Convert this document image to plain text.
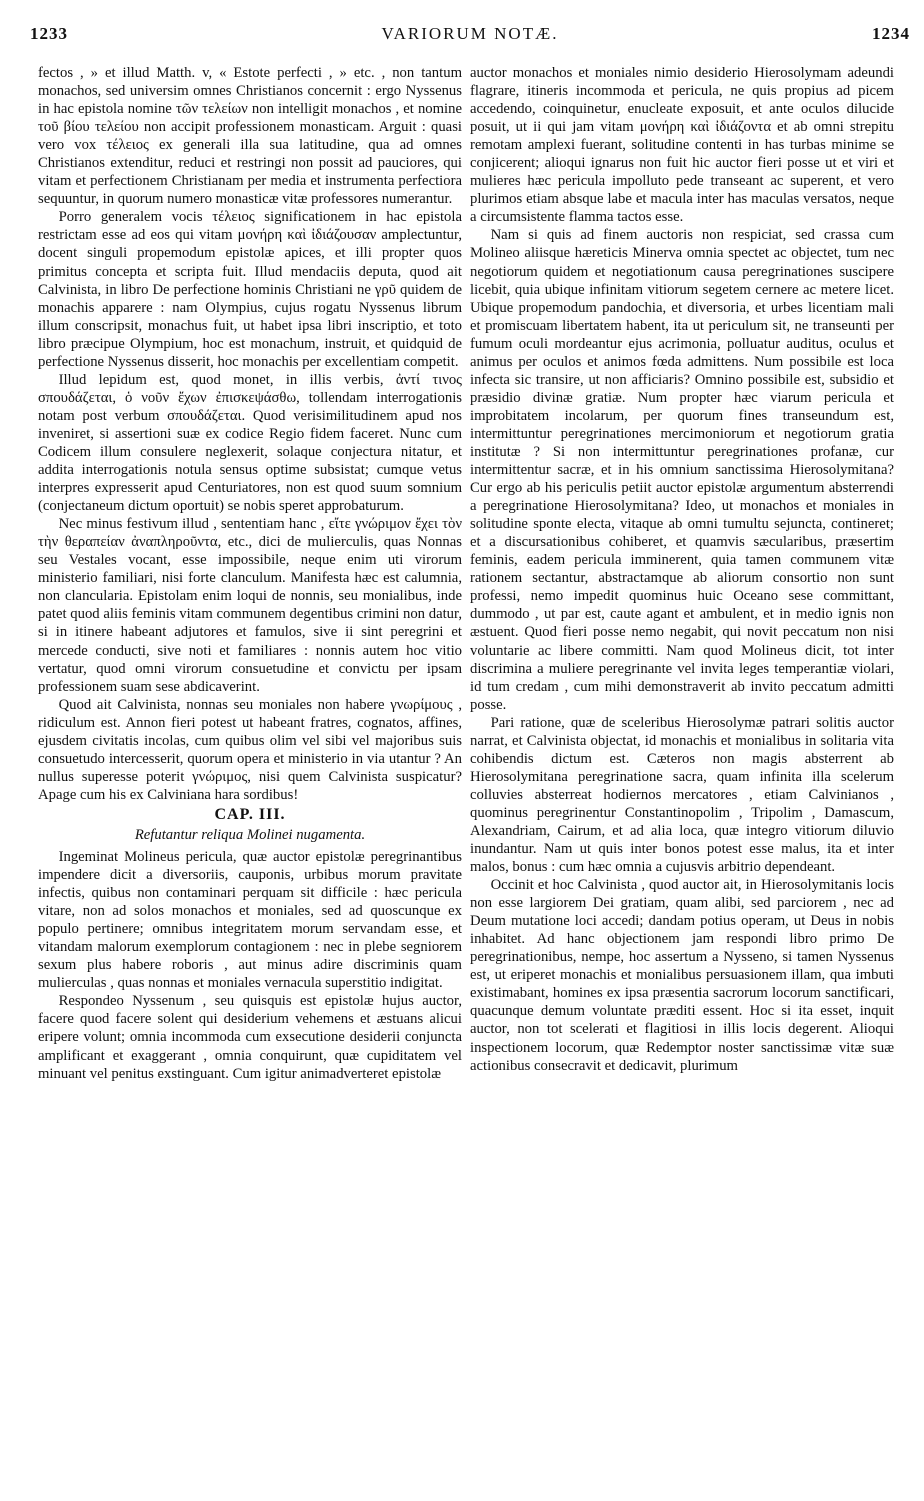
1233	VARIORUM NOTÆ.	1234

fectos , » et illud Matth. v, « Estote perfecti , » etc. , non tantum monachos, sed universim omnes Christianos concernit : ergo Nyssenus in hac epistola nomine τῶν τελείων non intelligit monachos , et nomine τοῦ βίου τελείου non accipit professionem monasticam. Arguit : quasi vero vox τέλειος ex generali illa sua latitudine, qua ad omnes Christianos extenditur, reduci et restringi non possit ad pauciores, qui vitam et perfectionem Christianam per media et instrumenta perfectiora sequuntur, in quorum numero monasticæ vitæ professores numerantur.

Porro generalem vocis τέλειος significationem in hac epistola restrictam esse ad eos qui vitam μονήρη καὶ ἰδιάζουσαν amplectuntur, docent singuli propemodum epistolæ apices, et illi propter quos primitus concepta et scripta fuit. Illud mendaciis deputa, quod ait Calvinista, in libro De perfectione hominis Christiani ne γρῦ quidem de monachis apparere : nam Olympius, cujus rogatu Nyssenus librum illum conscripsit, monachus fuit, ut habet ipsa libri inscriptio, et toto libro præcipue Olympium, hoc est monachum, instruit, et quidquid de perfectione Nyssenus disserit, hoc monachis per excellentiam competit.

Illud lepidum est, quod monet, in illis verbis, ἀντί τινος σπουδάζεται, ὁ νοῦν ἔχων ἐπισκεψάσθω, tollendam interrogationis notam post verbum σπουδάζεται. Quod verisimilitudinem apud nos inveniret, si assertioni suæ ex codice Regio fidem faceret. Nunc cum Codicem illum consulere neglexerit, solaque conjectura nitatur, et addita interrogationis notula sensus optime subsistat; cumque vetus interpres expresserit apud Centuriatores, non est quod suum somnium (conjectaneum dictum oportuit) se nobis speret approbaturum.

Nec minus festivum illud , sententiam hanc , εἴτε γνώριμον ἔχει τὸν τὴν θεραπείαν ἀναπληροῦντα, etc., dici de mulierculis, quas Nonnas seu Vestales vocant, esse impossibile, neque enim uti virorum ministerio familiari, nisi forte clanculum. Manifesta hæc est calumnia, non clancularia. Epistolam enim loqui de nonnis, seu monialibus, inde patet quod aliis feminis vitam communem degentibus crimini non datur, si in itinere habeant adjutores et famulos, sive ii sint peregrini et mercede conducti, sive noti et familiares : nonnis autem hoc vitio vertatur, quod omni virorum consuetudine et convictu per ipsam professionem suam sese abdicaverint.

Quod ait Calvinista, nonnas seu moniales non habere γνωρίμους , ridiculum est. Annon fieri potest ut habeant fratres, cognatos, affines, ejusdem civitatis incolas, cum quibus olim vel sibi vel majoribus suis consuetudo intercesserit, quorum opera et ministerio in via utantur ? An nullus superesse poterit γνώριμος, nisi quem Calvinista suspicatur? Apage cum his ex Calviniana hara sordibus!

CAP. III.
Refutantur reliqua Molinei nugamenta.

Ingeminat Molineus pericula, quæ auctor epistolæ peregrinantibus impendere dicit a diversoriis, cauponis, urbibus morum pravitate infectis, quibus non contaminari perquam sit difficile : hæc pericula vitare, non ad solos monachos et moniales, sed ad quoscunque ex populo pertinere; omnibus integritatem morum servandam esse, et vitandam malorum exemplorum contagionem : nec in plebe segniorem sexum plus habere roboris , aut minus adire discriminis quam mulierculas , quas nonnas et moniales vernacula superstitio indigitat.

Respondeo Nyssenum , seu quisquis est epistolæ hujus auctor, facere quod facere solent qui desiderium vehemens et æstuans alicui eripere volunt; omnia incommoda cum exsecutione desiderii conjuncta amplificant et exaggerant , omnia conquirunt, quæ cupiditatem vel minuant vel penitus exstinguant. Cum igitur animadverteret epistolæ

auctor monachos et moniales nimio desiderio Hierosolymam adeundi flagrare, itineris incommoda et pericula, ne quis propius ad picem accedendo, coinquinetur, enucleate exposuit, et ante oculos dilucide posuit, ut ii qui jam vitam μονήρη καὶ ἰδιάζοντα et ab omni strepitu remotam amplexi fuerant, solitudine contenti in has turbas minime se conjicerent; alioqui ignarus non fuit hic auctor fieri posse ut et viri et mulieres hæc pericula impolluto pede transeant ac superent, et vero plurimos etiam absque labe et macula inter has maculas versatos, neque a circumsistente flamma tactos esse.

Nam si quis ad finem auctoris non respiciat, sed crassa cum Molineo aliisque hæreticis Minerva omnia spectet ac objectet, tum nec negotiorum quidem et negotiationum causa peregrinationes suscipere licebit, quia ubique infinitam vitiorum segetem cernere ac metere licet. Ubique propemodum pandochia, et diversoria, et urbes licentiam mali et promiscuam libertatem habent, ita ut periculum sit, ne transeunti per fumum oculi mordeantur ejus acrimonia, polluatur auditus, oculus et animus per oculos et animos fœda admittens. Num possibile est loca infecta sic transire, ut non afficiaris? Omnino possibile est, subsidio et præsidio divinæ gratiæ. Num propter hæc viarum pericula et improbitatem incolarum, per quorum fines transeundum est, intermittuntur peregrinationes mercimoniorum et negotiorum gratia institutæ ? Si non intermittuntur peregrinationes profanæ, cur intermittentur sacræ, et in his omnium sanctissima Hierosolymitana? Cur ergo ab his periculis petiit auctor epistolæ argumentum absterrendi a peregrinatione Hierosolymitana? Ideo, ut monachos et moniales in solitudine sponte electa, vitaque ab omni tumultu sejuncta, contineret; et a discursationibus cohiberet, et quamvis sæcularibus, præsertim feminis, eadem pericula imminerent, quia tamen communem vitæ rationem sectantur, abstractamque ab aliorum consortio non sunt professi, nemo impedit quominus huic Oceano sese committant, dummodo , ut par est, caute agant et ambulent, et in medio ignis non æstuent. Quod fieri posse nemo negabit, qui novit peccatum non nisi voluntarie ac libere committi. Nam quod Molineus dicit, tot inter discrimina a muliere peregrinante vel invita leges temperantiæ violari, id tum credam , cum mihi demonstraverit ab invito peccatum admitti posse.

Pari ratione, quæ de sceleribus Hierosolymæ patrari solitis auctor narrat, et Calvinista objectat, id monachis et monialibus in solitaria vita cohibendis dictum est. Cæteros non magis absterrent ab Hierosolymitana peregrinatione sacra, quam infinita illa scelerum colluvies absterreat hodiernos mercatores , etiam Calvinianos , quominus peregrinentur Constantinopolim , Tripolim , Damascum, Alexandriam, Cairum, et ad alia loca, quæ integro vitiorum diluvio inundantur. Nam ut quis inter bonos potest esse malus, ita et inter malos, bonus : cum hæc omnia a cujusvis arbitrio dependeant.

Occinit et hoc Calvinista , quod auctor ait, in Hierosolymitanis locis non esse largiorem Dei gratiam, quam alibi, sed parciorem , nec ad Deum mutatione loci accedi; dandam potius operam, ut Deus in nobis inhabitet. Ad hanc objectionem jam respondi libro primo De peregrinationibus, nempe, hoc assertum a Nysseno, si tamen Nyssenus est, ut eriperet monachis et monialibus persuasionem illam, qua imbuti existimabant, homines ex ipsa præsentia sacrorum locorum sanctificari, quacunque demum voluntate præditi essent. Hoc si ita esset, inquit auctor, non tot scelerati et flagitiosi in illis locis degerent. Alioqui inspectionem locorum, quæ Redemptor noster sanctissimæ vitæ suæ actionibus consecravit et dedicavit, plurimum
